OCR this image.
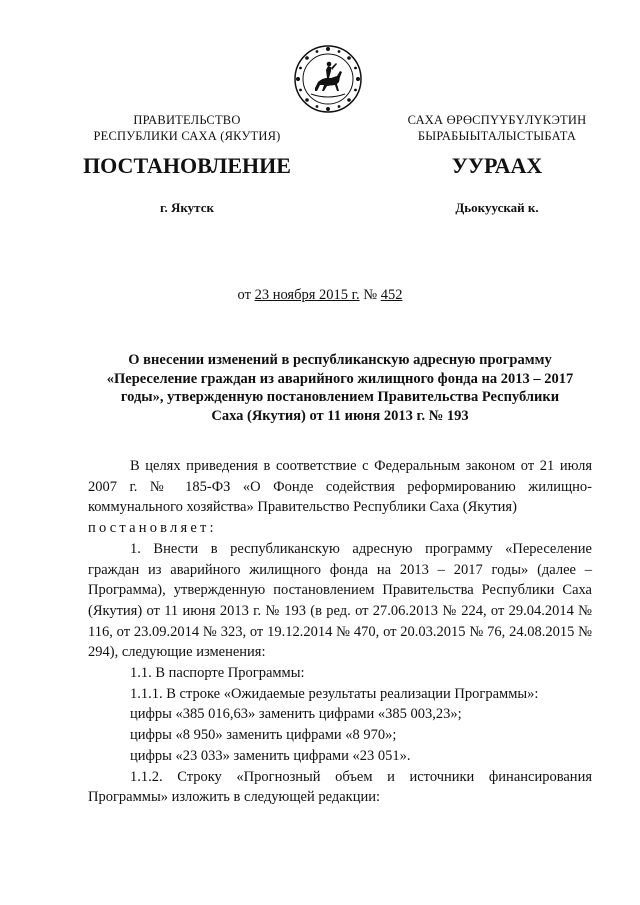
ПРАВИТЕЛЬСТВО
РЕСПУБЛИКИ САХА (ЯКУТИЯ)
САХА ӨРӨСПҮҮБҮЛҮКЭТИН
БЫРАБЫЫТАЛЫСТЫБАТА
ПОСТАНОВЛЕНИЕ	УУРААХ
г. Якутск	Дьокуускай к.
от 23 ноября 2015 г. № 452
О внесении изменений в республиканскую адресную программу
«Переселение граждан из аварийного жилищного фонда на 2013 – 2017
годы», утвержденную постановлением Правительства Республики
Саха (Якутия) от 11 июня 2013 г. № 193

В целях приведения в соответствие с Федеральным законом от 21 июля 2007 г. № 185-ФЗ «О Фонде содействия реформированию жилищно-коммунального хозяйства» Правительство Республики Саха (Якутия)

постановляет:

1. Внести в республиканскую адресную программу «Переселение граждан из аварийного жилищного фонда на 2013 – 2017 годы» (далее – Программа), утвержденную постановлением Правительства Республики Саха (Якутия) от 11 июня 2013 г. № 193 (в ред. от 27.06.2013 № 224, от 29.04.2014 № 116, от 23.09.2014 № 323, от 19.12.2014 № 470, от 20.03.2015 № 76, 24.08.2015 № 294), следующие изменения:

1.1. В паспорте Программы:

1.1.1. В строке «Ожидаемые результаты реализации Программы»:

цифры «385 016,63» заменить цифрами «385 003,23»;

цифры «8 950» заменить цифрами «8 970»;

цифры «23 033» заменить цифрами «23 051».

1.1.2. Строку «Прогнозный объем и источники финансирования Программы» изложить в следующей редакции:
